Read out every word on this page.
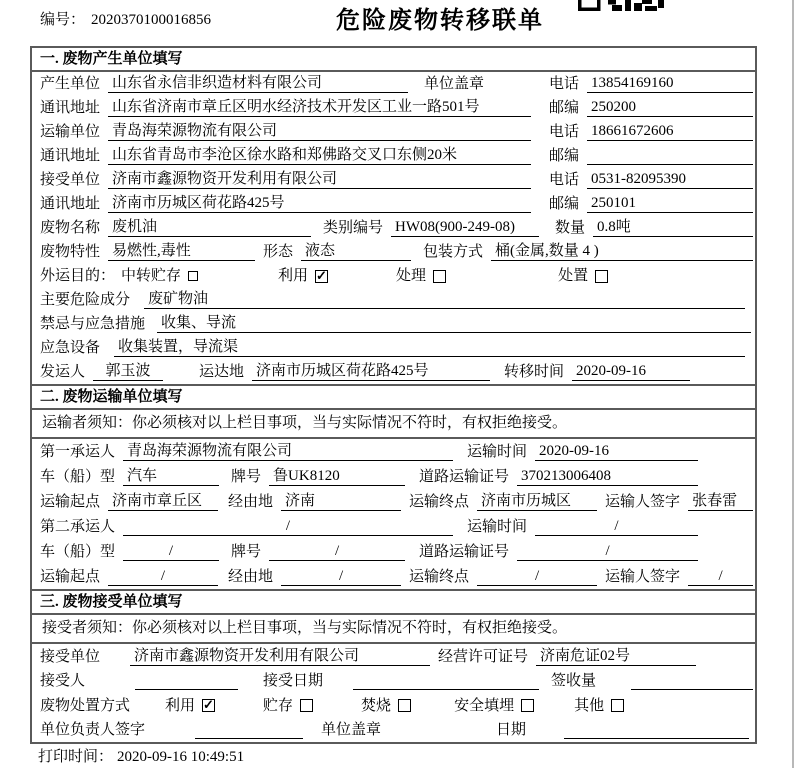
编号： 2020370100016856	危险废物转移联单
一. 废物产生单位填写
产生单位 山东省永信非织造材料有限公司	单位盖章	电话 13854169160
通讯地址 山东省济南市章丘区明水经济技术开发区工业一路501号	邮编 250200
运输单位 青岛海荣源物流有限公司	电话 18661672606
通讯地址 山东省青岛市李沧区徐水路和郑佛路交叉口东侧20米	邮编
接受单位 济南市鑫源物资开发利用有限公司	电话 0531-82095390
通讯地址 济南市历城区荷花路425号	邮编 250101
废物名称 废机油	类别编号 HW08(900-249-08)	数量 0.8吨
废物特性 易燃性,毒性	形态 液态	包装方式 桶(金属,数量 4 )
外运目的： 中转贮存	利用 ✓	处理	处置
主要危险成分 废矿物油
禁忌与应急措施 收集、导流
应急设备 收集装置，导流渠
发运人	郭玉波	运达地 济南市历城区荷花路425号	转移时间 2020-09-16
二. 废物运输单位填写
运输者须知：你必须核对以上栏目事项，当与实际情况不符时，有权拒绝接受。
第一承运人 青岛海荣源物流有限公司	运输时间 2020-09-16
车（船）型 汽车	牌号 鲁UK8120	道路运输证号 370213006408
运输起点 济南市章丘区	经由地 济南	运输终点 济南市历城区	运输人签字 张春雷
第二承运人	/	运输时间	/
车（船）型	/	牌号	/	道路运输证号	/
运输起点	/	经由地	/	运输终点	/	运输人签字	/
三. 废物接受单位填写
接受者须知：你必须核对以上栏目事项，当与实际情况不符时，有权拒绝接受。
接受单位 济南市鑫源物资开发利用有限公司	经营许可证号 济南危证02号
接受人	接受日期	签收量
废物处置方式 利用 ✓	贮存	焚烧	安全填埋	其他
单位负责人签字	单位盖章	日期
打印时间： 2020-09-16 10:49:51
